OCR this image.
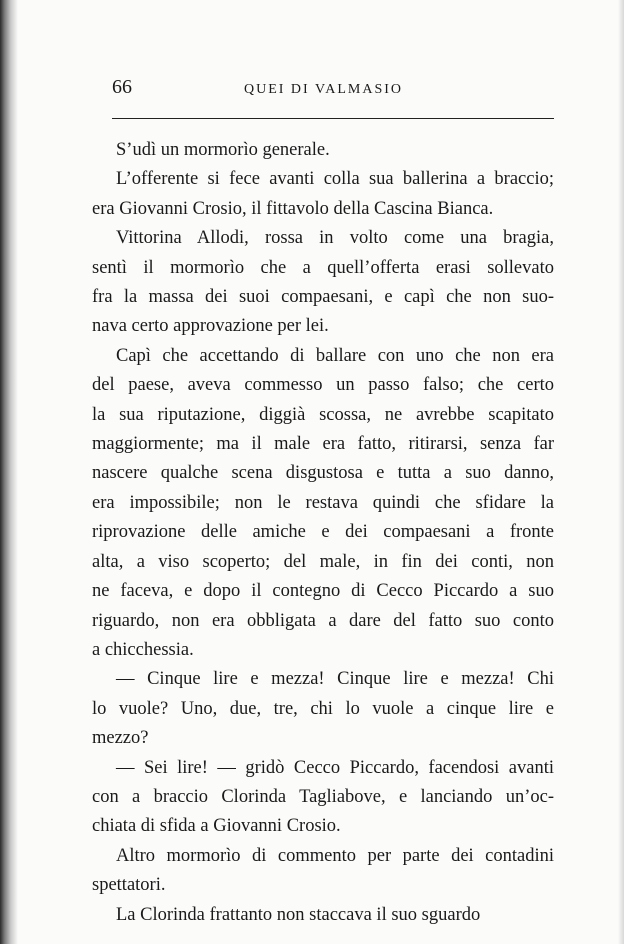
66	QUEI DI VALMASIO
S’udì un mormorìo generale.
L’offerente si fece avanti colla sua ballerina a braccio;
era Giovanni Crosio, il fittavolo della Cascina Bianca.
Vittorina Allodi, rossa in volto come una bragia,
sentì il mormorìo che a quell’offerta erasi sollevato
fra la massa dei suoi compaesani, e capì che non suo-
nava certo approvazione per lei.
Capì che accettando di ballare con uno che non era
del paese, aveva commesso un passo falso; che certo
la sua riputazione, diggià scossa, ne avrebbe scapitato
maggiormente; ma il male era fatto, ritirarsi, senza far
nascere qualche scena disgustosa e tutta a suo danno,
era impossibile; non le restava quindi che sfidare la
riprovazione delle amiche e dei compaesani a fronte
alta, a viso scoperto; del male, in fin dei conti, non
ne faceva, e dopo il contegno di Cecco Piccardo a suo
riguardo, non era obbligata a dare del fatto suo conto
a chicchessia.
— Cinque lire e mezza! Cinque lire e mezza! Chi
lo vuole? Uno, due, tre, chi lo vuole a cinque lire e
mezzo?
— Sei lire! — gridò Cecco Piccardo, facendosi avanti
con a braccio Clorinda Tagliabove, e lanciando un’oc-
chiata di sfida a Giovanni Crosio.
Altro mormorìo di commento per parte dei contadini
spettatori.
La Clorinda frattanto non staccava il suo sguardo
